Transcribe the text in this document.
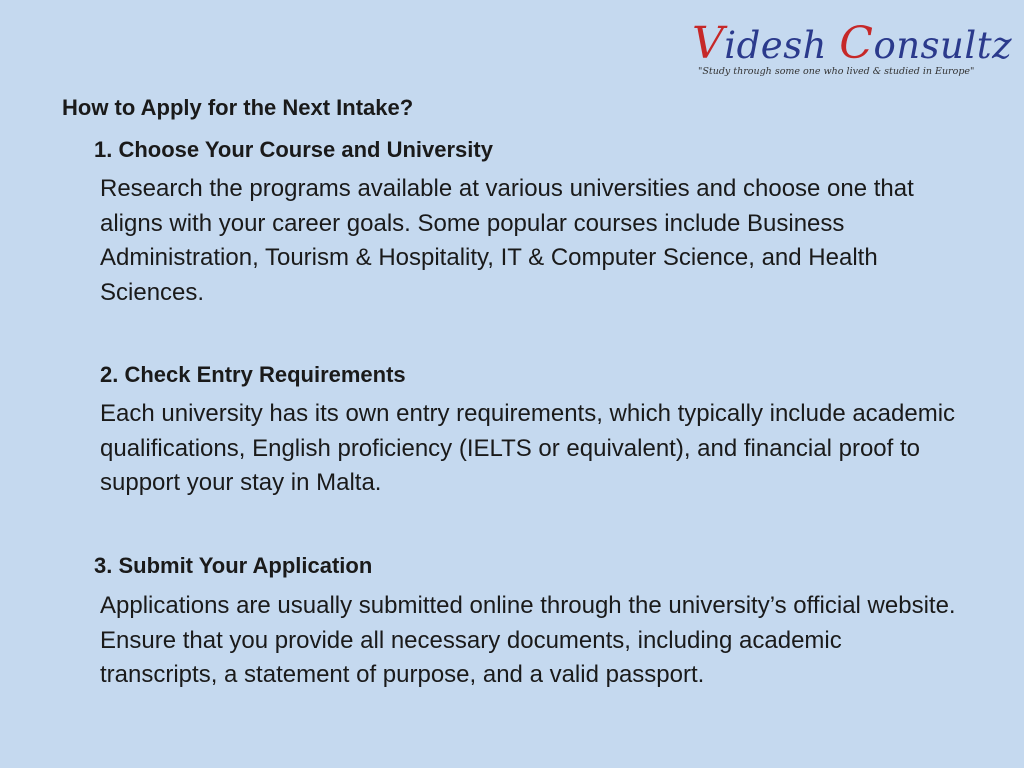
Videsh Consultz
"Study through some one who lived & studied in Europe"
How to Apply for the Next Intake?
1. Choose Your Course and University
Research the programs available at various universities and choose one that aligns with your career goals. Some popular courses include Business Administration, Tourism & Hospitality, IT & Computer Science, and Health Sciences.
2. Check Entry Requirements
Each university has its own entry requirements, which typically include academic qualifications, English proficiency (IELTS or equivalent), and financial proof to support your stay in Malta.
3. Submit Your Application
Applications are usually submitted online through the university’s official website. Ensure that you provide all necessary documents, including academic transcripts, a statement of purpose, and a valid passport.
